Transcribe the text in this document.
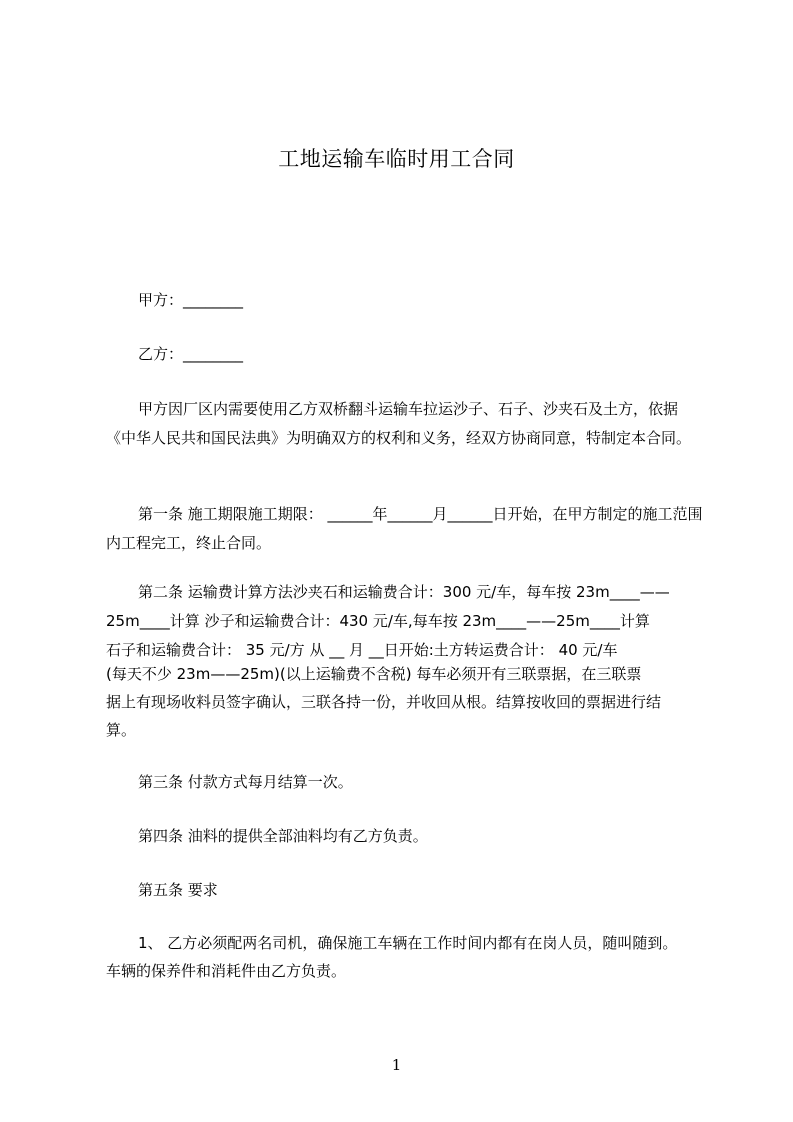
工地运输车临时用工合同

甲方：________

乙方：________

甲方因厂区内需要使用乙方双桥翻斗运输车拉运沙子、石子、沙夹石及土方，依据《中华人民共和国民法典》为明确双方的权利和义务，经双方协商同意，特制定本合同。

第一条 施工期限施工期限： ______年______月______日开始，在甲方制定的施工范围内工程完工，终止合同。

第二条 运输费计算方法沙夹石和运输费合计：300 元/车，每车按 23m____——

25m____计算 沙子和运输费合计：430 元/车,每车按 23m____——25m____计算

石子和运输费合计： 35 元/方 从 __ 月 __日开始:土方转运费合计： 40 元/车

(每天不少 23m——25m)(以上运输费不含税) 每车必须开有三联票据，在三联票

据上有现场收料员签字确认，三联各持一份，并收回从根。结算按收回的票据进行结

算。

第三条 付款方式每月结算一次。

第四条 油料的提供全部油料均有乙方负责。

第五条 要求

1、 乙方必须配两名司机，确保施工车辆在工作时间内都有在岗人员，随叫随到。

车辆的保养件和消耗件由乙方负责。

1
